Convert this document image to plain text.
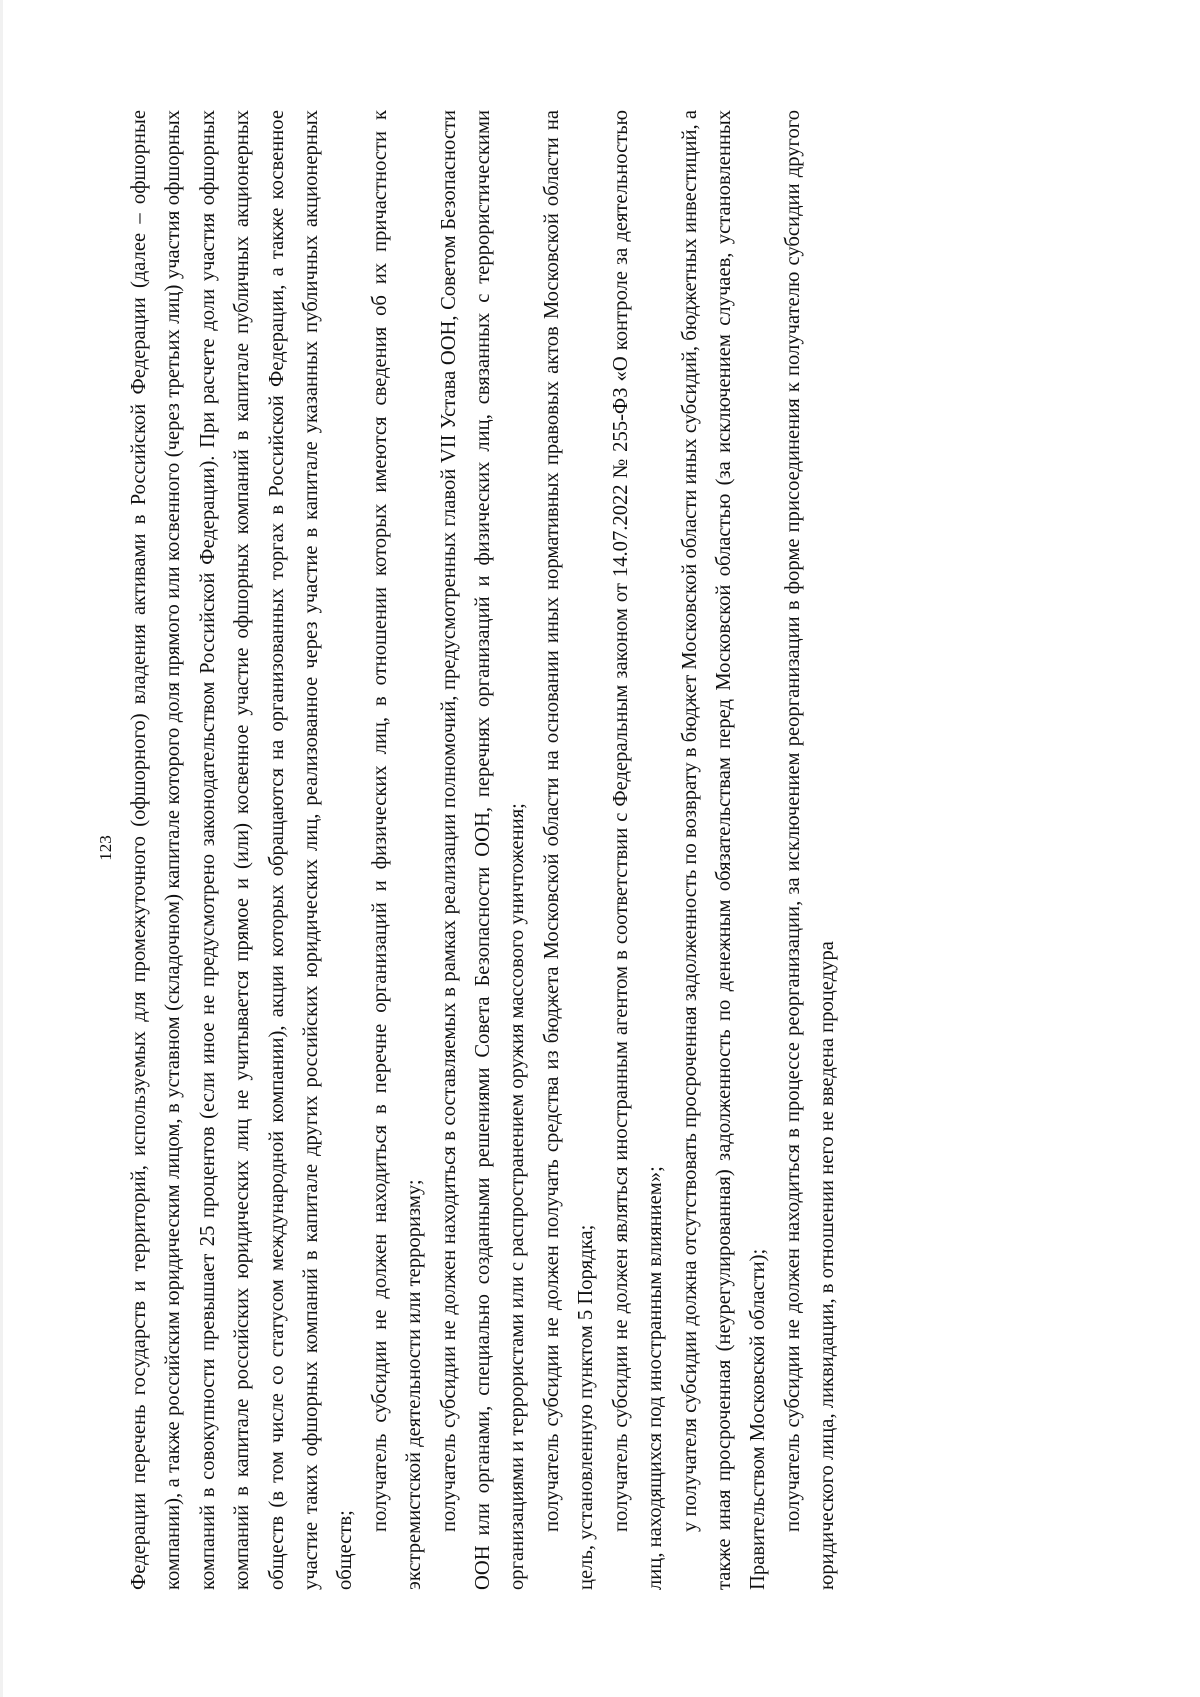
123 Федерации перечень государств и территорий, используемых для промежуточного (офшорного) владения активами в Российской Федерации (далее – офшорные компании), а также российским юридическим лицом, в уставном (складочном) капитале которого доля прямого или косвенного (через третьих лиц) участия офшорных компаний в совокупности превышает 25 процентов (если иное не предусмотрено законодательством Российской Федерации). При расчете доли участия офшорных компаний в капитале российских юридических лиц не учитывается прямое и (или) косвенное участие офшорных компаний в капитале публичных акционерных обществ (в том числе со статусом международной компании), акции которых обращаются на организованных торгах в Российской Федерации, а также косвенное участие таких офшорных компаний в капитале других российских юридических лиц, реализованное через участие в капитале указанных публичных акционерных обществ;

получатель субсидии не должен находиться в перечне организаций и физических лиц, в отношении которых имеются сведения об их причастности к экстремистской деятельности или терроризму; получатель субсидии не должен находиться в составляемых в рамках реализации полномочий, предусмотренных главой VII Устава ООН, Советом Безопасности ООН или органами, специально созданными решениями Совета Безопасности ООН, перечнях организаций и физических лиц, связанных с террористическими организациями и террористами или с распространением оружия массового уничтожения; получатель субсидии не должен получать средства из бюджета Московской области на основании иных нормативных правовых актов Московской области на цель, установленную пунктом 5 Порядка; получатель субсидии не должен являться иностранным агентом в соответствии с Федеральным законом от 14.07.2022 № 255-ФЗ «О контроле за деятельностью лиц, находящихся под иностранным влиянием»; у получателя субсидии должна отсутствовать просроченная задолженность по возврату в бюджет Московской области иных субсидий, бюджетных инвестиций, а также иная просроченная (неурегулированная) задолженность по денежным обязательствам перед Московской областью (за исключением случаев, установленных Правительством Московской области); получатель субсидии не должен находиться в процессе реорганизации, за исключением реорганизации в форме присоединения к получателю субсидии другого юридического лица, ликвидации, в отношении него не введена процедура
